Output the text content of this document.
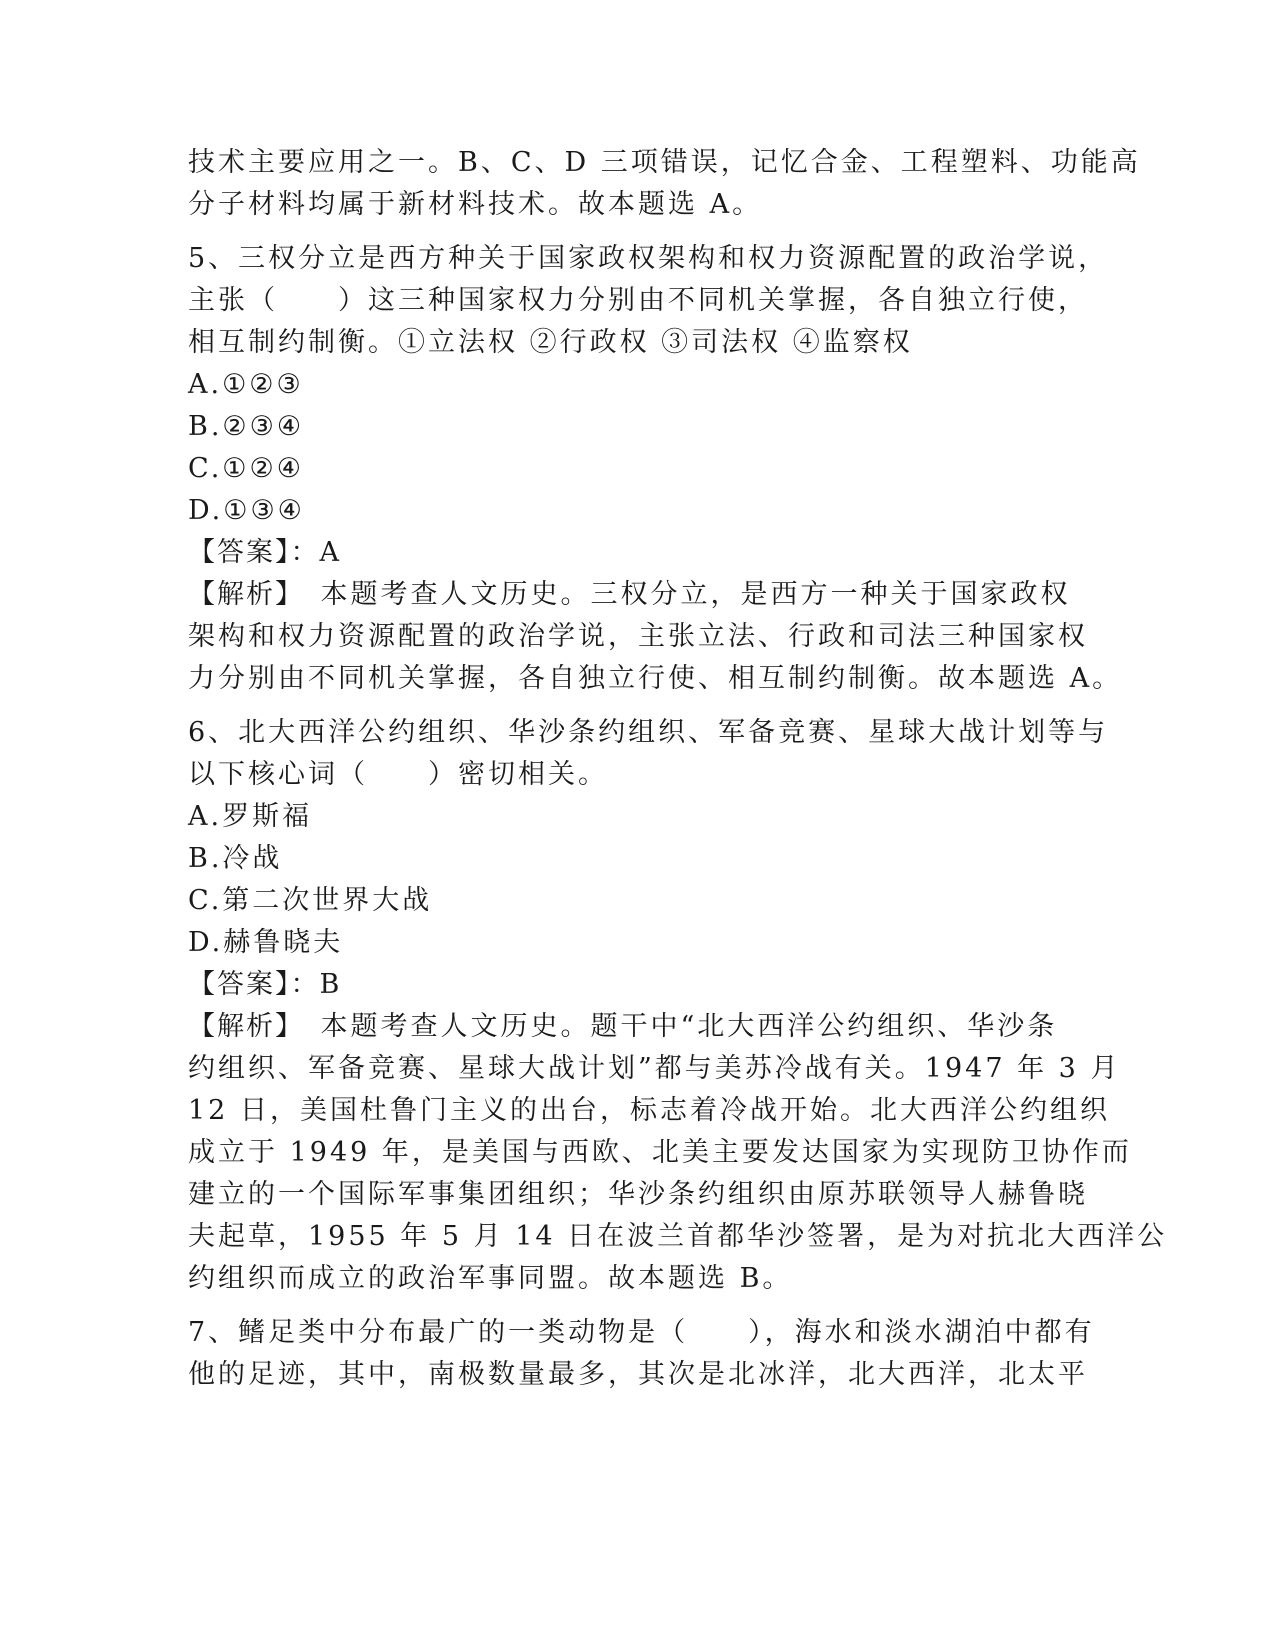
技术主要应用之一。B、C、D 三项错误，记忆合金、工程塑料、功能高
分子材料均属于新材料技术。故本题选 A。
5、三权分立是西方种关于国家政权架构和权力资源配置的政治学说，
主张（　　）这三种国家权力分别由不同机关掌握，各自独立行使，
相互制约制衡。①立法权 ②行政权 ③司法权 ④监察权
A.①②③
B.②③④
C.①②④
D.①③④
【答案】：A
【解析】　本题考查人文历史。三权分立，是西方一种关于国家政权
架构和权力资源配置的政治学说，主张立法、行政和司法三种国家权
力分别由不同机关掌握，各自独立行使、相互制约制衡。故本题选 A。
6、北大西洋公约组织、华沙条约组织、军备竞赛、星球大战计划等与
以下核心词（　　）密切相关。
A.罗斯福
B.冷战
C.第二次世界大战
D.赫鲁晓夫
【答案】：B
【解析】　本题考查人文历史。题干中“北大西洋公约组织、华沙条
约组织、军备竞赛、星球大战计划”都与美苏冷战有关。1947 年 3 月
12 日，美国杜鲁门主义的出台，标志着冷战开始。北大西洋公约组织
成立于 1949 年，是美国与西欧、北美主要发达国家为实现防卫协作而
建立的一个国际军事集团组织；华沙条约组织由原苏联领导人赫鲁晓
夫起草，1955 年 5 月 14 日在波兰首都华沙签署，是为对抗北大西洋公
约组织而成立的政治军事同盟。故本题选 B。
7、鳍足类中分布最广的一类动物是（　　），海水和淡水湖泊中都有
他的足迹，其中，南极数量最多，其次是北冰洋，北大西洋，北太平
